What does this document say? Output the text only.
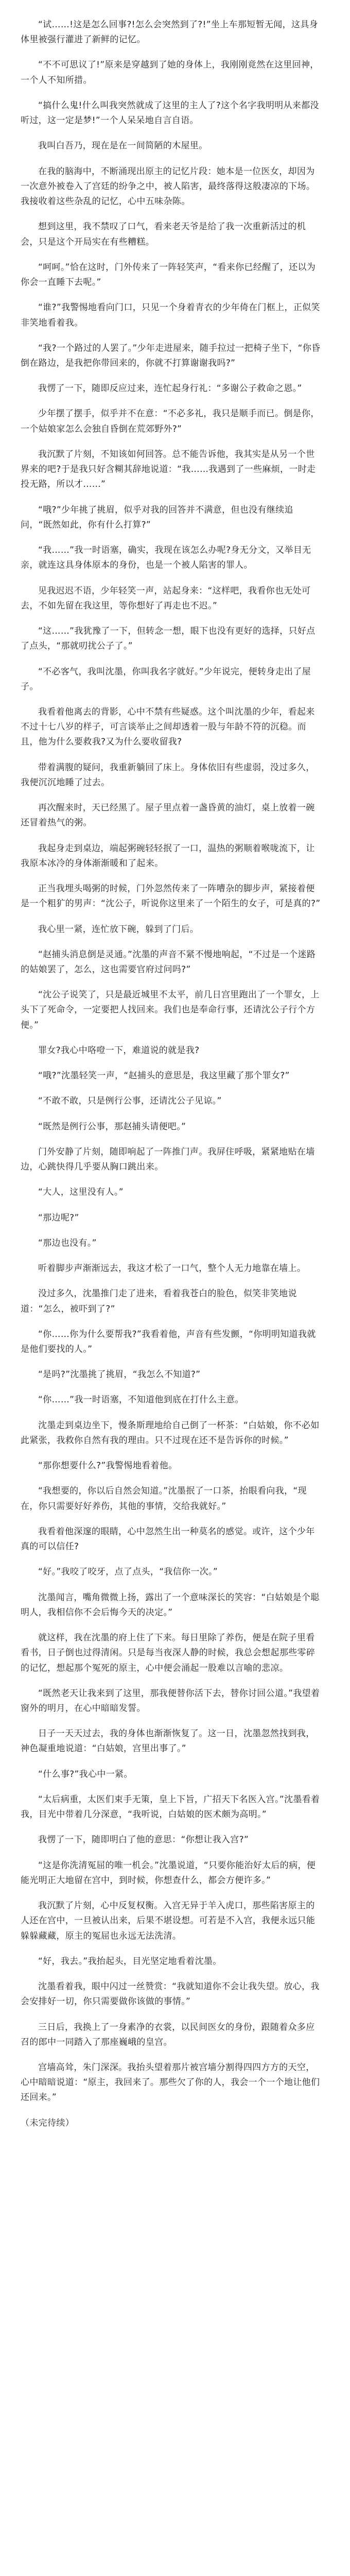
“试……!这是怎么回事?!怎么会突然到了?!”坐上车那短暂无闻，这具身体里被强行灌进了新鲜的记忆。

“不不可思议了!”原来是穿越到了她的身体上，我刚刚竟然在这里回神，一个人不知所措。

“搞什么鬼!什么叫我突然就成了这里的主人了?这个名字我明明从来都没听过，这一定是梦!”一个人呆呆地自言自语。

我叫白吾乃，现在是在一间简陋的木屋里。

在我的脑海中，不断涌现出原主的记忆片段：她本是一位医女，却因为一次意外被卷入了宫廷的纷争之中，被人陷害，最终落得这般凄凉的下场。我接收着这些杂乱的记忆，心中五味杂陈。

想到这里，我不禁叹了口气，看来老天爷是给了我一次重新活过的机会，只是这个开局实在有些糟糕。

“呵呵。”恰在这时，门外传来了一阵轻笑声，“看来你已经醒了，还以为你会一直睡下去呢。”

“谁?”我警惕地看向门口，只见一个身着青衣的少年倚在门框上，正似笑非笑地看着我。

“我?一个路过的人罢了。”少年走进屋来，随手拉过一把椅子坐下，“你昏倒在路边，是我把你带回来的，你就不打算谢谢我吗?”

我愣了一下，随即反应过来，连忙起身行礼：“多谢公子救命之恩。”

少年摆了摆手，似乎并不在意：“不必多礼，我只是顺手而已。倒是你，一个姑娘家怎么会独自昏倒在荒郊野外?”

我沉默了片刻，不知该如何回答。总不能告诉他，我其实是从另一个世界来的吧?于是我只好含糊其辞地说道：“我……我遇到了一些麻烦，一时走投无路，所以才……”

“哦?”少年挑了挑眉，似乎对我的回答并不满意，但也没有继续追问，“既然如此，你有什么打算?”

“我……”我一时语塞，确实，我现在该怎么办呢?身无分文，又举目无亲，就连这具身体原本的身份，也是一个被人陷害的罪人。

见我迟迟不语，少年轻笑一声，站起身来：“这样吧，我看你也无处可去，不如先留在我这里，等你想好了再走也不迟。”

“这……”我犹豫了一下，但转念一想，眼下也没有更好的选择，只好点了点头，“那就叨扰公子了。”

“不必客气，我叫沈墨，你叫我名字就好。”少年说完，便转身走出了屋子。

我看着他离去的背影，心中不禁有些疑惑。这个叫沈墨的少年，看起来不过十七八岁的样子，可言谈举止之间却透着一股与年龄不符的沉稳。而且，他为什么要救我?又为什么要收留我?

带着满腹的疑问，我重新躺回了床上。身体依旧有些虚弱，没过多久，我便沉沉地睡了过去。

再次醒来时，天已经黑了。屋子里点着一盏昏黄的油灯，桌上放着一碗还冒着热气的粥。

我起身走到桌边，端起粥碗轻轻抿了一口，温热的粥顺着喉咙流下，让我原本冰冷的身体渐渐暖和了起来。

正当我埋头喝粥的时候，门外忽然传来了一阵嘈杂的脚步声，紧接着便是一个粗犷的男声：“沈公子，听说你这里来了一个陌生的女子，可是真的?”

我心里一紧，连忙放下碗，躲到了门后。

“赵捕头消息倒是灵通。”沈墨的声音不紧不慢地响起，“不过是一个迷路的姑娘罢了，怎么，这也需要官府过问吗?”

“沈公子说笑了，只是最近城里不太平，前几日宫里跑出了一个罪女，上头下了死命令，一定要把人找回来。我们也是奉命行事，还请沈公子行个方便。”

罪女?我心中咯噔一下，难道说的就是我?

“哦?”沈墨轻笑一声，“赵捕头的意思是，我这里藏了那个罪女?”

“不敢不敢，只是例行公事，还请沈公子见谅。”

“既然是例行公事，那赵捕头请便吧。”

门外安静了片刻，随即响起了一阵推门声。我屏住呼吸，紧紧地贴在墙边，心跳快得几乎要从胸口跳出来。

“大人，这里没有人。”

“那边呢?”

“那边也没有。”

听着脚步声渐渐远去，我这才松了一口气，整个人无力地靠在墙上。

没过多久，沈墨推门走了进来，看着我苍白的脸色，似笑非笑地说道：“怎么，被吓到了?”

“你……你为什么要帮我?”我看着他，声音有些发颤，“你明明知道我就是他们要找的人。”

“是吗?”沈墨挑了挑眉，“我怎么不知道?”

“你……”我一时语塞，不知道他到底在打什么主意。

沈墨走到桌边坐下，慢条斯理地给自己倒了一杯茶：“白姑娘，你不必如此紧张，我救你自然有我的理由。只不过现在还不是告诉你的时候。”

“那你想要什么?”我警惕地看着他。

“我想要的，你以后自然会知道。”沈墨抿了一口茶，抬眼看向我，“现在，你只需要好好养伤，其他的事情，交给我就好。”

我看着他深邃的眼睛，心中忽然生出一种莫名的感觉。或许，这个少年真的可以信任?

“好。”我咬了咬牙，点了点头，“我信你一次。”

沈墨闻言，嘴角微微上扬，露出了一个意味深长的笑容：“白姑娘是个聪明人，我相信你不会后悔今天的决定。”

就这样，我在沈墨的府上住了下来。每日里除了养伤，便是在院子里看看书，日子倒也过得清闲。只是每当夜深人静的时候，我总会想起那些零碎的记忆，想起那个冤死的原主，心中便会涌起一股难以言喻的悲凉。

“既然老天让我来到了这里，那我便替你活下去，替你讨回公道。”我望着窗外的明月，在心中暗暗发誓。

日子一天天过去，我的身体也渐渐恢复了。这一日，沈墨忽然找到我，神色凝重地说道：“白姑娘，宫里出事了。”

“什么事?”我心中一紧。

“太后病重，太医们束手无策，皇上下旨，广招天下名医入宫。”沈墨看着我，目光中带着几分深意，“我听说，白姑娘的医术颇为高明。”

我愣了一下，随即明白了他的意思：“你想让我入宫?”

“这是你洗清冤屈的唯一机会。”沈墨说道，“只要你能治好太后的病，便能光明正大地留在宫中，到时候，你想查什么，都会方便许多。”

我沉默了片刻，心中反复权衡。入宫无异于羊入虎口，那些陷害原主的人还在宫中，一旦被认出来，后果不堪设想。可若是不入宫，我便永远只能躲躲藏藏，原主的冤屈也永远无法洗清。

“好，我去。”我抬起头，目光坚定地看着沈墨。

沈墨看着我，眼中闪过一丝赞赏：“我就知道你不会让我失望。放心，我会安排好一切，你只需要做你该做的事情。”

三日后，我换上了一身素净的衣裳，以民间医女的身份，跟随着众多应召的郎中一同踏入了那座巍峨的皇宫。

宫墙高耸，朱门深深。我抬头望着那片被宫墙分割得四四方方的天空，心中暗暗说道：“原主，我回来了。那些欠了你的人，我会一个一个地让他们还回来。”

（未完待续）
